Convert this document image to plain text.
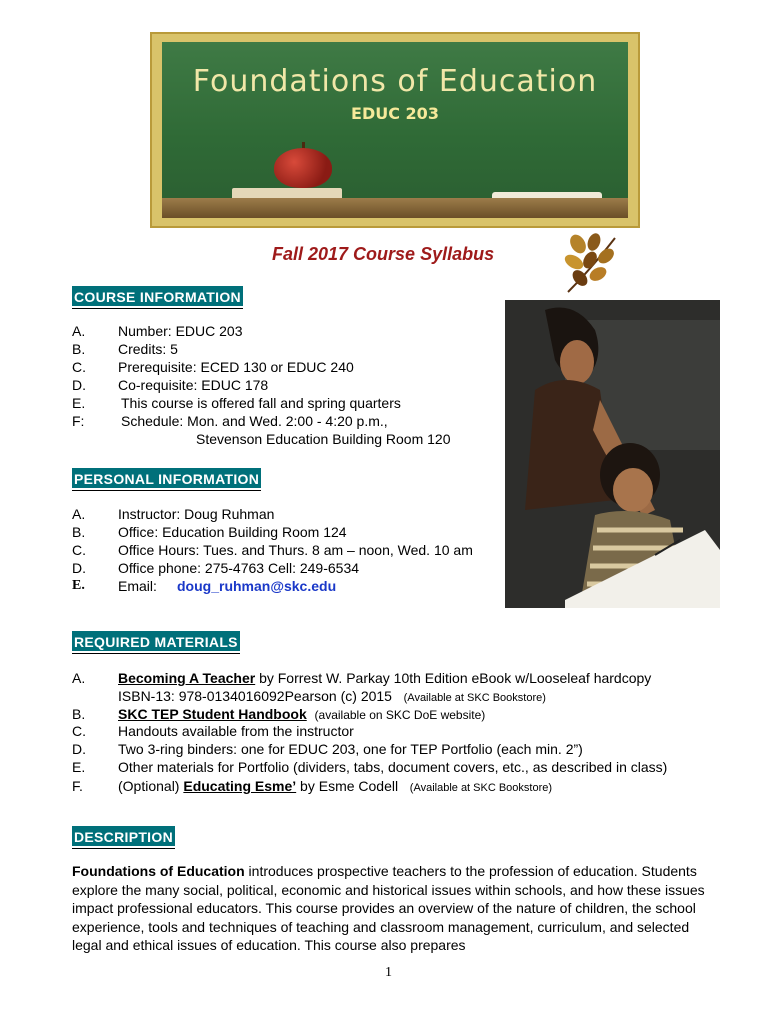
Foundations of Education
EDUC 203
Fall 2017 Course Syllabus
COURSE INFORMATION
A. Number: EDUC 203
B. Credits: 5
C. Prerequisite: ECED 130 or EDUC 240
D. Co-requisite: EDUC 178
E.	This course is offered fall and spring quarters
F:	Schedule: Mon. and Wed. 2:00 - 4:20 p.m.,
Stevenson Education Building Room 120
PERSONAL INFORMATION
A. Instructor: Doug Ruhman
B. Office: Education Building Room 124
C. Office Hours: Tues. and Thurs. 8 am – noon, Wed. 10 am
D. Office phone: 275-4763 Cell: 249-6534
E. Email: doug_ruhman@skc.edu
REQUIRED MATERIALS
A. Becoming A Teacher by Forrest W. Parkay 10th Edition eBook w/Looseleaf hardcopy
ISBN-13: 978-0134016092Pearson (c) 2015 (Available at SKC Bookstore)
B. SKC TEP Student Handbook (available on SKC DoE website)
C. Handouts available from the instructor
D. Two 3-ring binders: one for EDUC 203, one for TEP Portfolio (each min. 2”)
E. Other materials for Portfolio (dividers, tabs, document covers, etc., as described in class)
F.	(Optional) Educating Esme’ by Esme Codell (Available at SKC Bookstore)
DESCRIPTION
Foundations of Education introduces prospective teachers to the profession of education. Students explore the many social, political, economic and historical issues within schools, and how these issues impact professional educators. This course provides an overview of the nature of children, the school experience, tools and techniques of teaching and classroom management, curriculum, and selected legal and ethical issues of education. This course also prepares
1
